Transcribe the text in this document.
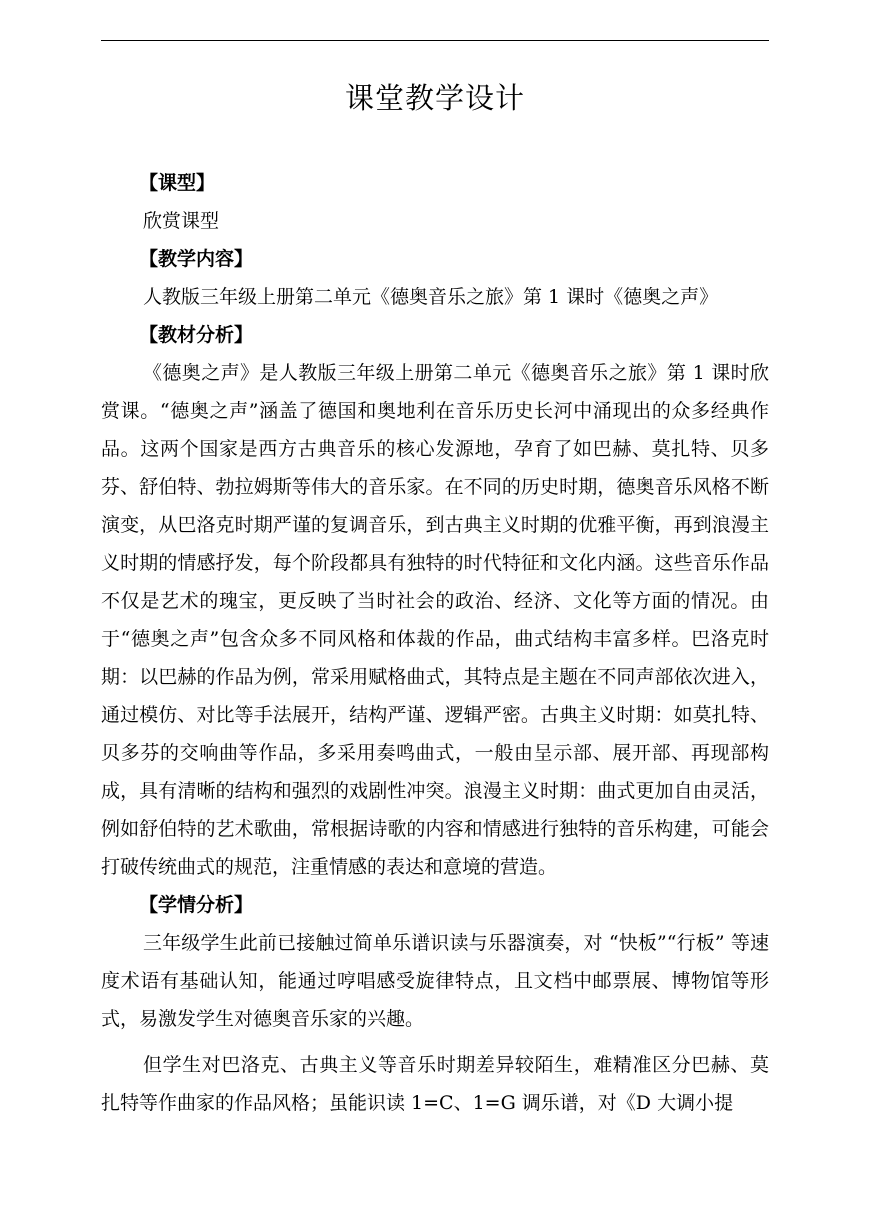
课堂教学设计
【课型】
欣赏课型
【教学内容】
人教版三年级上册第二单元《德奥音乐之旅》第 1 课时《德奥之声》
【教材分析】
《德奥之声》是人教版三年级上册第二单元《德奥音乐之旅》第 1 课时欣赏课。“德奥之声”涵盖了德国和奥地利在音乐历史长河中涌现出的众多经典作品。这两个国家是西方古典音乐的核心发源地，孕育了如巴赫、莫扎特、贝多芬、舒伯特、勃拉姆斯等伟大的音乐家。在不同的历史时期，德奥音乐风格不断演变，从巴洛克时期严谨的复调音乐，到古典主义时期的优雅平衡，再到浪漫主义时期的情感抒发，每个阶段都具有独特的时代特征和文化内涵。这些音乐作品不仅是艺术的瑰宝，更反映了当时社会的政治、经济、文化等方面的情况。由于“德奥之声”包含众多不同风格和体裁的作品，曲式结构丰富多样。巴洛克时期：以巴赫的作品为例，常采用赋格曲式，其特点是主题在不同声部依次进入，通过模仿、对比等手法展开，结构严谨、逻辑严密。古典主义时期：如莫扎特、贝多芬的交响曲等作品，多采用奏鸣曲式，一般由呈示部、展开部、再现部构成，具有清晰的结构和强烈的戏剧性冲突。浪漫主义时期：曲式更加自由灵活，例如舒伯特的艺术歌曲，常根据诗歌的内容和情感进行独特的音乐构建，可能会打破传统曲式的规范，注重情感的表达和意境的营造。
【学情分析】
三年级学生此前已接触过简单乐谱识读与乐器演奏，对 “快板”“行板” 等速度术语有基础认知，能通过哼唱感受旋律特点，且文档中邮票展、博物馆等形式，易激发学生对德奥音乐家的兴趣。
但学生对巴洛克、古典主义等音乐时期差异较陌生，难精准区分巴赫、莫扎特等作曲家的作品风格；虽能识读 1=C、1=G 调乐谱，对《D 大调小提
